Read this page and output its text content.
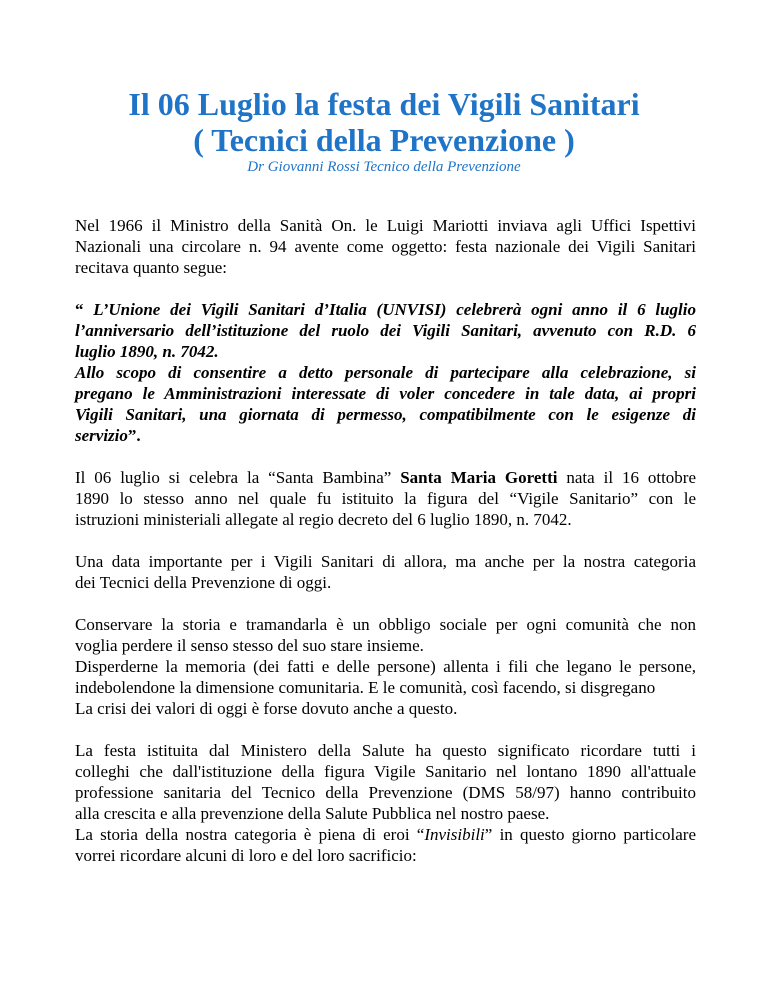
Il 06 Luglio la festa dei Vigili Sanitari
( Tecnici della Prevenzione )
Dr Giovanni Rossi Tecnico della Prevenzione

Nel 1966 il Ministro della Sanità On. le Luigi Mariotti inviava agli Uffici Ispettivi
Nazionali una circolare n. 94 avente come oggetto: festa nazionale dei Vigili Sanitari
recitava quanto segue:

“ L’Unione dei Vigili Sanitari d’Italia (UNVISI) celebrerà ogni anno il 6 luglio
l’anniversario dell’istituzione del ruolo dei Vigili Sanitari, avvenuto con R.D. 6
luglio 1890, n. 7042.
Allo scopo di consentire a detto personale di partecipare alla celebrazione, si
pregano le Amministrazioni interessate di voler concedere in tale data, ai propri
Vigili Sanitari, una giornata di permesso, compatibilmente con le esigenze di
servizio”.

Il 06 luglio si celebra la “Santa Bambina” Santa Maria Goretti nata il 16 ottobre
1890 lo stesso anno nel quale fu istituito la figura del “Vigile Sanitario” con le
istruzioni ministeriali allegate al regio decreto del 6 luglio 1890, n. 7042.

Una data importante per i Vigili Sanitari di allora, ma anche per la nostra categoria
dei Tecnici della Prevenzione di oggi.

Conservare la storia e tramandarla è un obbligo sociale per ogni comunità che non
voglia perdere il senso stesso del suo stare insieme.
Disperderne la memoria (dei fatti e delle persone) allenta i fili che legano le persone,
indebolendone la dimensione comunitaria. E le comunità, così facendo, si disgregano
La crisi dei valori di oggi è forse dovuto anche a questo.

La festa istituita dal Ministero della Salute ha questo significato ricordare tutti i
colleghi che dall'istituzione della figura Vigile Sanitario nel lontano 1890 all'attuale
professione sanitaria del Tecnico della Prevenzione (DMS 58/97) hanno contribuito
alla crescita e alla prevenzione della Salute Pubblica nel nostro paese.
La storia della nostra categoria è piena di eroi “Invisibili” in questo giorno particolare
vorrei ricordare alcuni di loro e del loro sacrificio:
